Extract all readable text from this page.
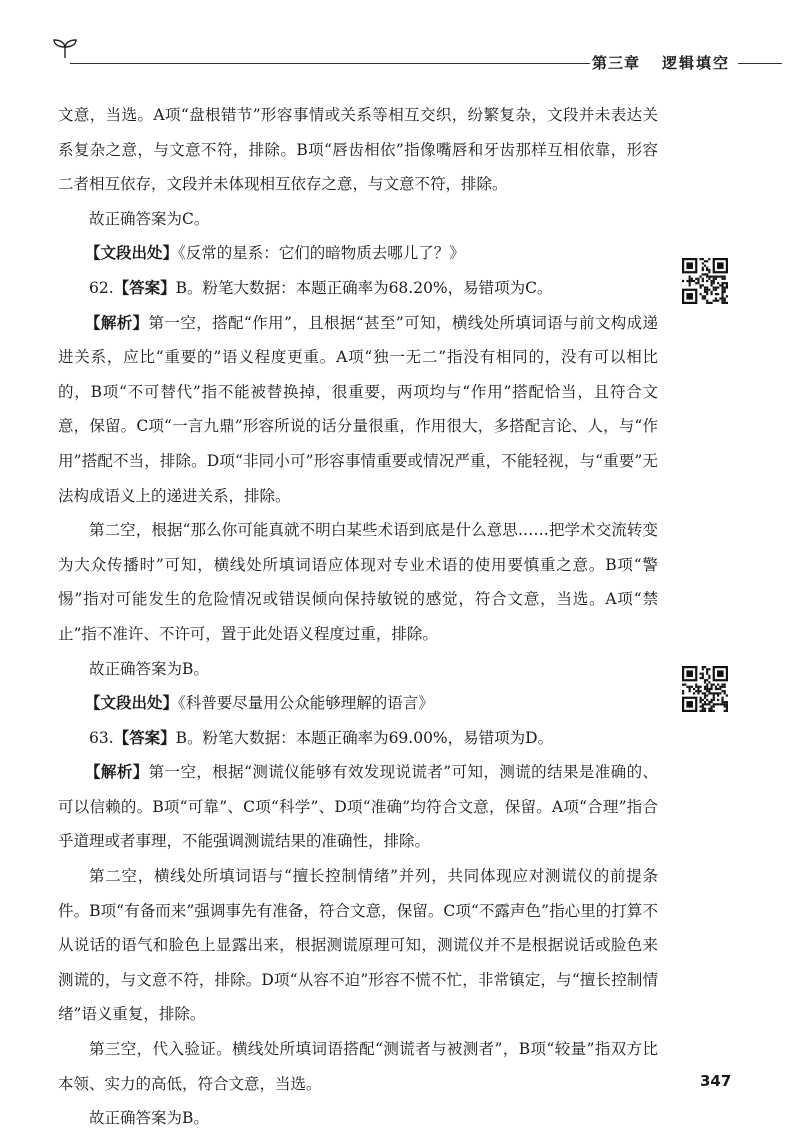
第三章 逻辑填空

文意，当选。A项“盘根错节”形容事情或关系等相互交织，纷繁复杂，文段并未表达关系复杂之意，与文意不符，排除。B项“唇齿相依”指像嘴唇和牙齿那样互相依靠，形容二者相互依存，文段并未体现相互依存之意，与文意不符，排除。

故正确答案为C。

【文段出处】《反常的星系：它们的暗物质去哪儿了？》

62.【答案】B。粉笔大数据：本题正确率为68.20%，易错项为C。

【解析】第一空，搭配“作用”，且根据“甚至”可知，横线处所填词语与前文构成递进关系，应比“重要的”语义程度更重。A项“独一无二”指没有相同的，没有可以相比的，B项“不可替代”指不能被替换掉，很重要，两项均与“作用”搭配恰当，且符合文意，保留。C项“一言九鼎”形容所说的话分量很重，作用很大，多搭配言论、人，与“作用”搭配不当，排除。D项“非同小可”形容事情重要或情况严重，不能轻视，与“重要”无法构成语义上的递进关系，排除。

第二空，根据“那么你可能真就不明白某些术语到底是什么意思……把学术交流转变为大众传播时”可知，横线处所填词语应体现对专业术语的使用要慎重之意。B项“警惕”指对可能发生的危险情况或错误倾向保持敏锐的感觉，符合文意，当选。A项“禁止”指不准许、不许可，置于此处语义程度过重，排除。

故正确答案为B。

【文段出处】《科普要尽量用公众能够理解的语言》

63.【答案】B。粉笔大数据：本题正确率为69.00%，易错项为D。

【解析】第一空，根据“测谎仪能够有效发现说谎者”可知，测谎的结果是准确的、可以信赖的。B项“可靠”、C项“科学”、D项“准确”均符合文意，保留。A项“合理”指合乎道理或者事理，不能强调测谎结果的准确性，排除。

第二空，横线处所填词语与“擅长控制情绪”并列，共同体现应对测谎仪的前提条件。B项“有备而来”强调事先有准备，符合文意，保留。C项“不露声色”指心里的打算不从说话的语气和脸色上显露出来，根据测谎原理可知，测谎仪并不是根据说话或脸色来测谎的，与文意不符，排除。D项“从容不迫”形容不慌不忙，非常镇定，与“擅长控制情绪”语义重复，排除。

第三空，代入验证。横线处所填词语搭配“测谎者与被测者”，B项“较量”指双方比本领、实力的高低，符合文意，当选。

故正确答案为B。

347
